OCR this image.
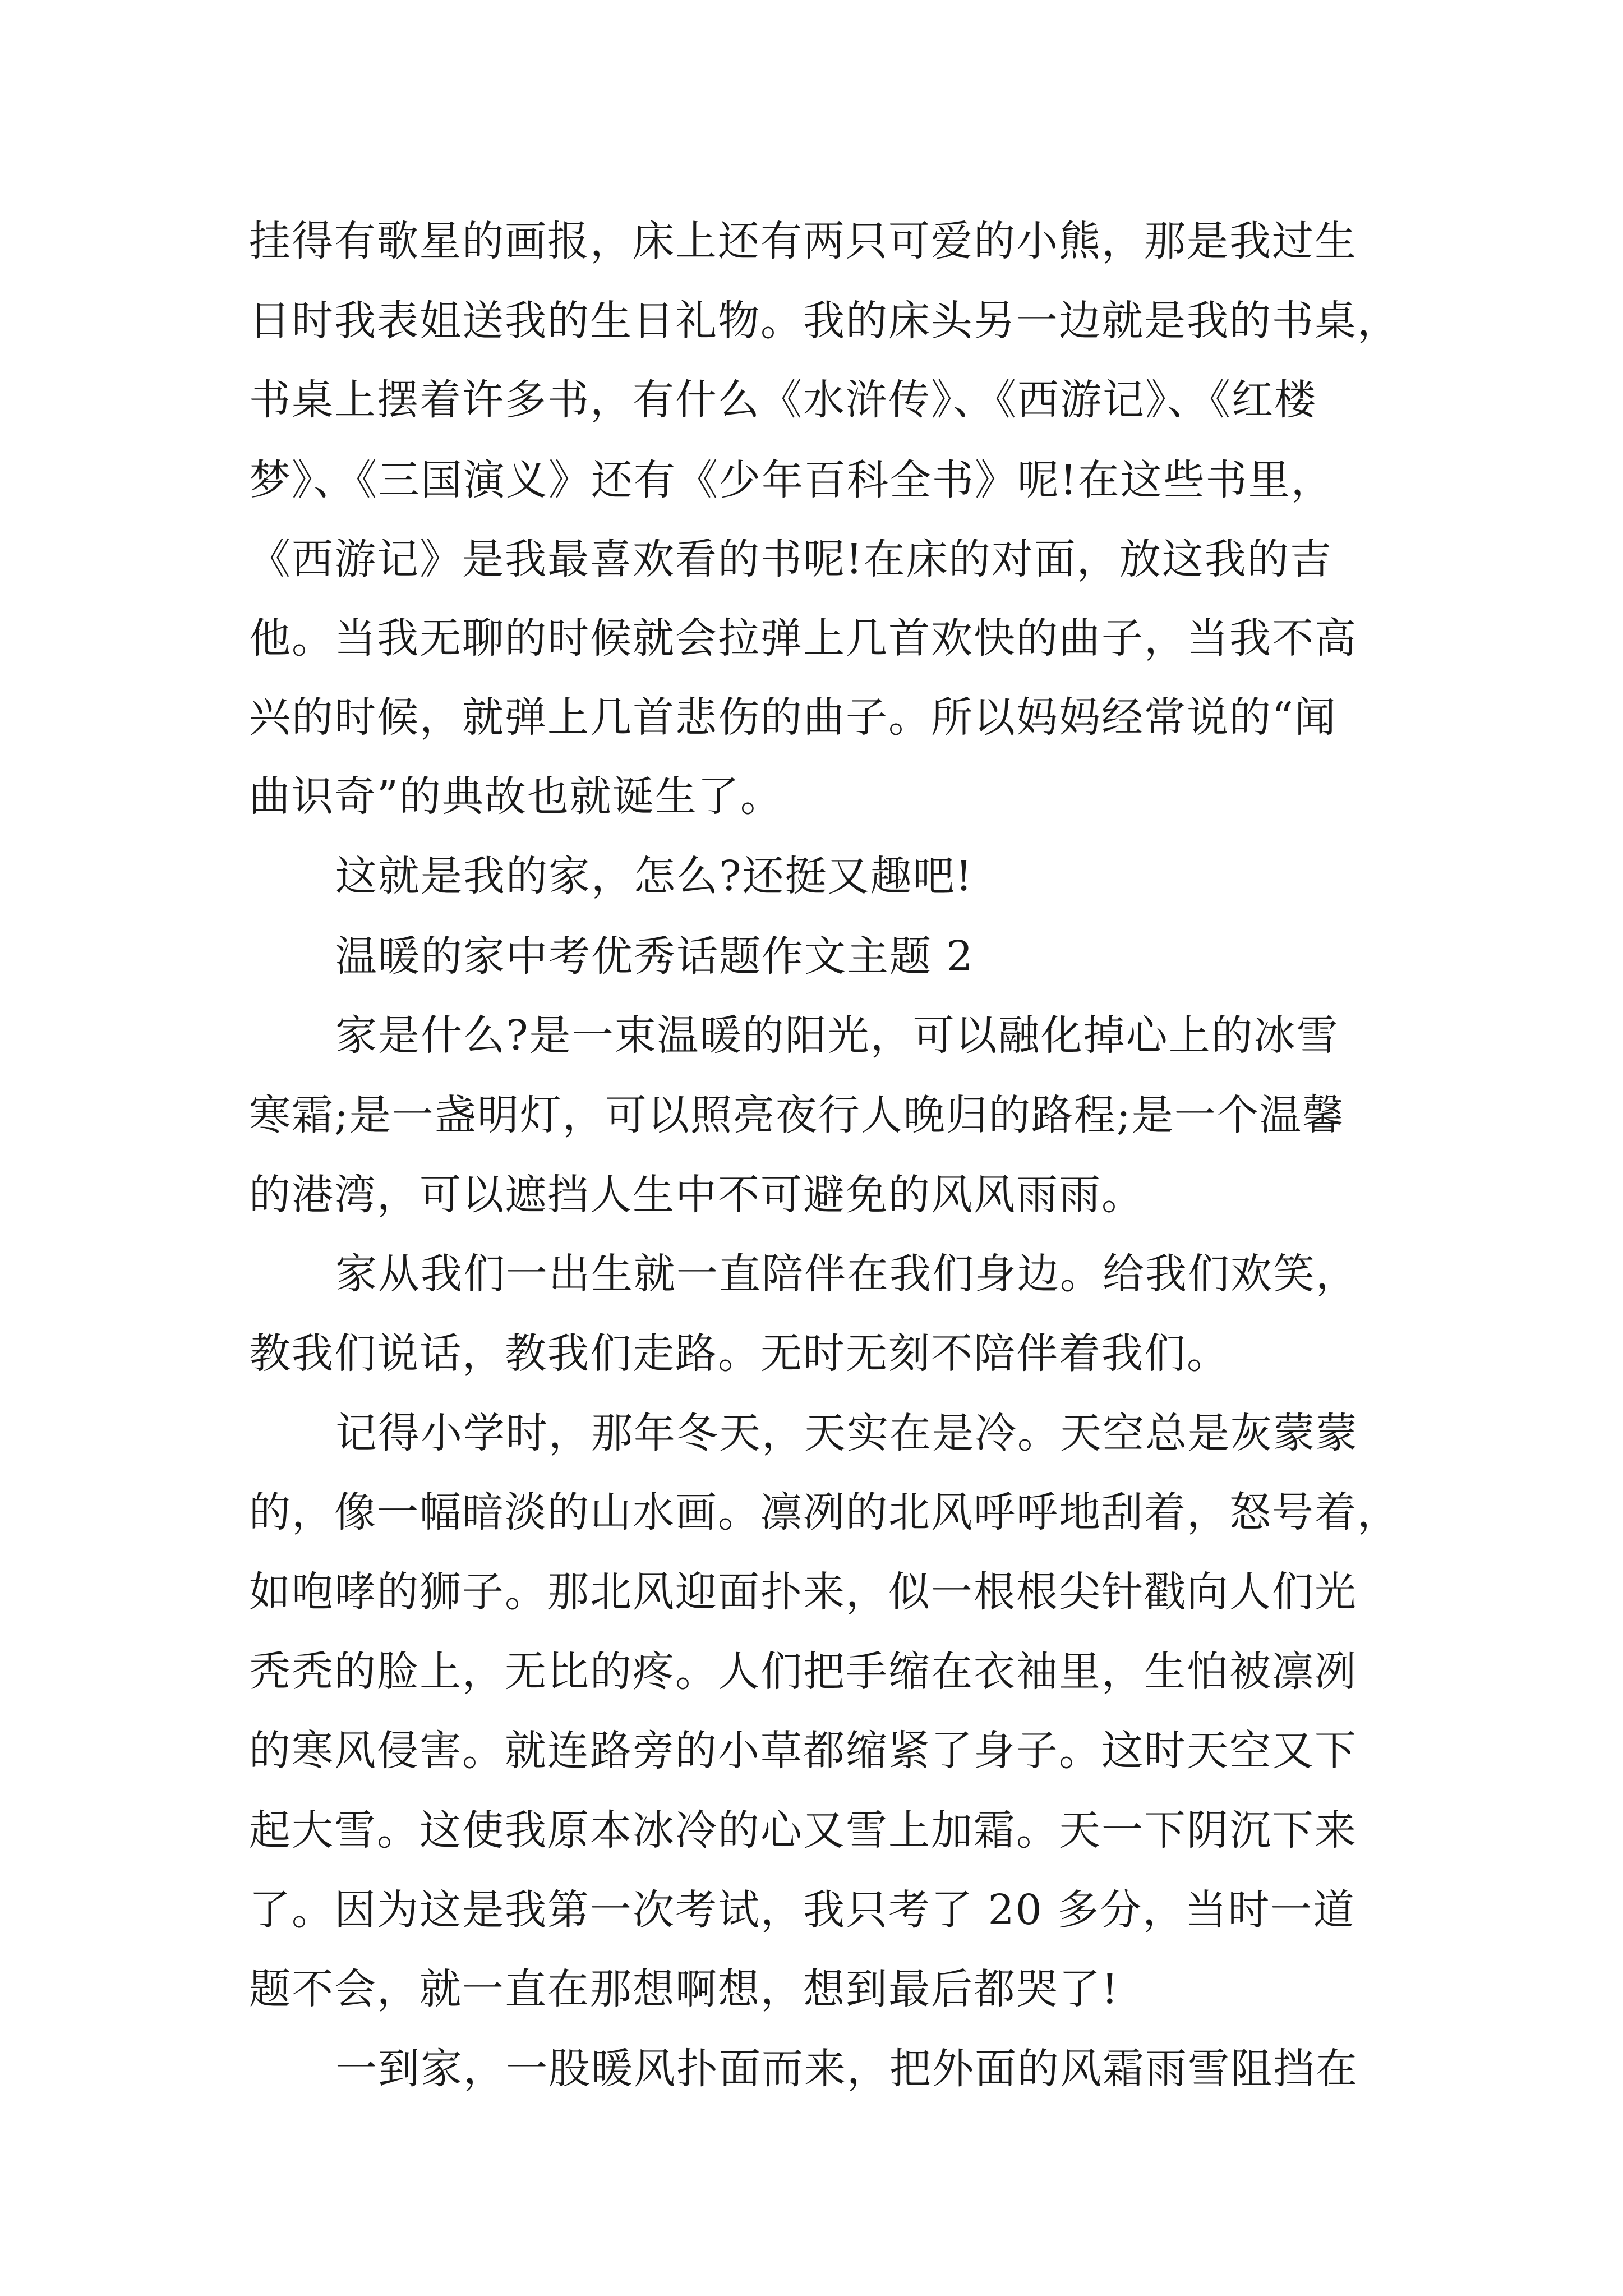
挂得有歌星的画报，床上还有两只可爱的小熊，那是我过生

日时我表姐送我的生日礼物。我的床头另一边就是我的书桌，

书桌上摆着许多书，有什么《水浒传》、《西游记》、《红楼

梦》、《三国演义》还有《少年百科全书》呢!在这些书里，

《西游记》是我最喜欢看的书呢!在床的对面，放这我的吉

他。当我无聊的时候就会拉弹上几首欢快的曲子，当我不高

兴的时候，就弹上几首悲伤的曲子。所以妈妈经常说的“闻

曲识奇”的典故也就诞生了。

这就是我的家，怎么?还挺又趣吧!

温暖的家中考优秀话题作文主题 2

家是什么?是一束温暖的阳光，可以融化掉心上的冰雪

寒霜;是一盏明灯，可以照亮夜行人晚归的路程;是一个温馨

的港湾，可以遮挡人生中不可避免的风风雨雨。

家从我们一出生就一直陪伴在我们身边。给我们欢笑，

教我们说话，教我们走路。无时无刻不陪伴着我们。

记得小学时，那年冬天，天实在是冷。天空总是灰蒙蒙

的，像一幅暗淡的山水画。凛冽的北风呼呼地刮着，怒号着，

如咆哮的狮子。那北风迎面扑来，似一根根尖针戳向人们光

秃秃的脸上，无比的疼。人们把手缩在衣袖里，生怕被凛冽

的寒风侵害。就连路旁的小草都缩紧了身子。这时天空又下

起大雪。这使我原本冰冷的心又雪上加霜。天一下阴沉下来

了。因为这是我第一次考试，我只考了 20 多分，当时一道

题不会，就一直在那想啊想，想到最后都哭了!

一到家，一股暖风扑面而来，把外面的风霜雨雪阻挡在
